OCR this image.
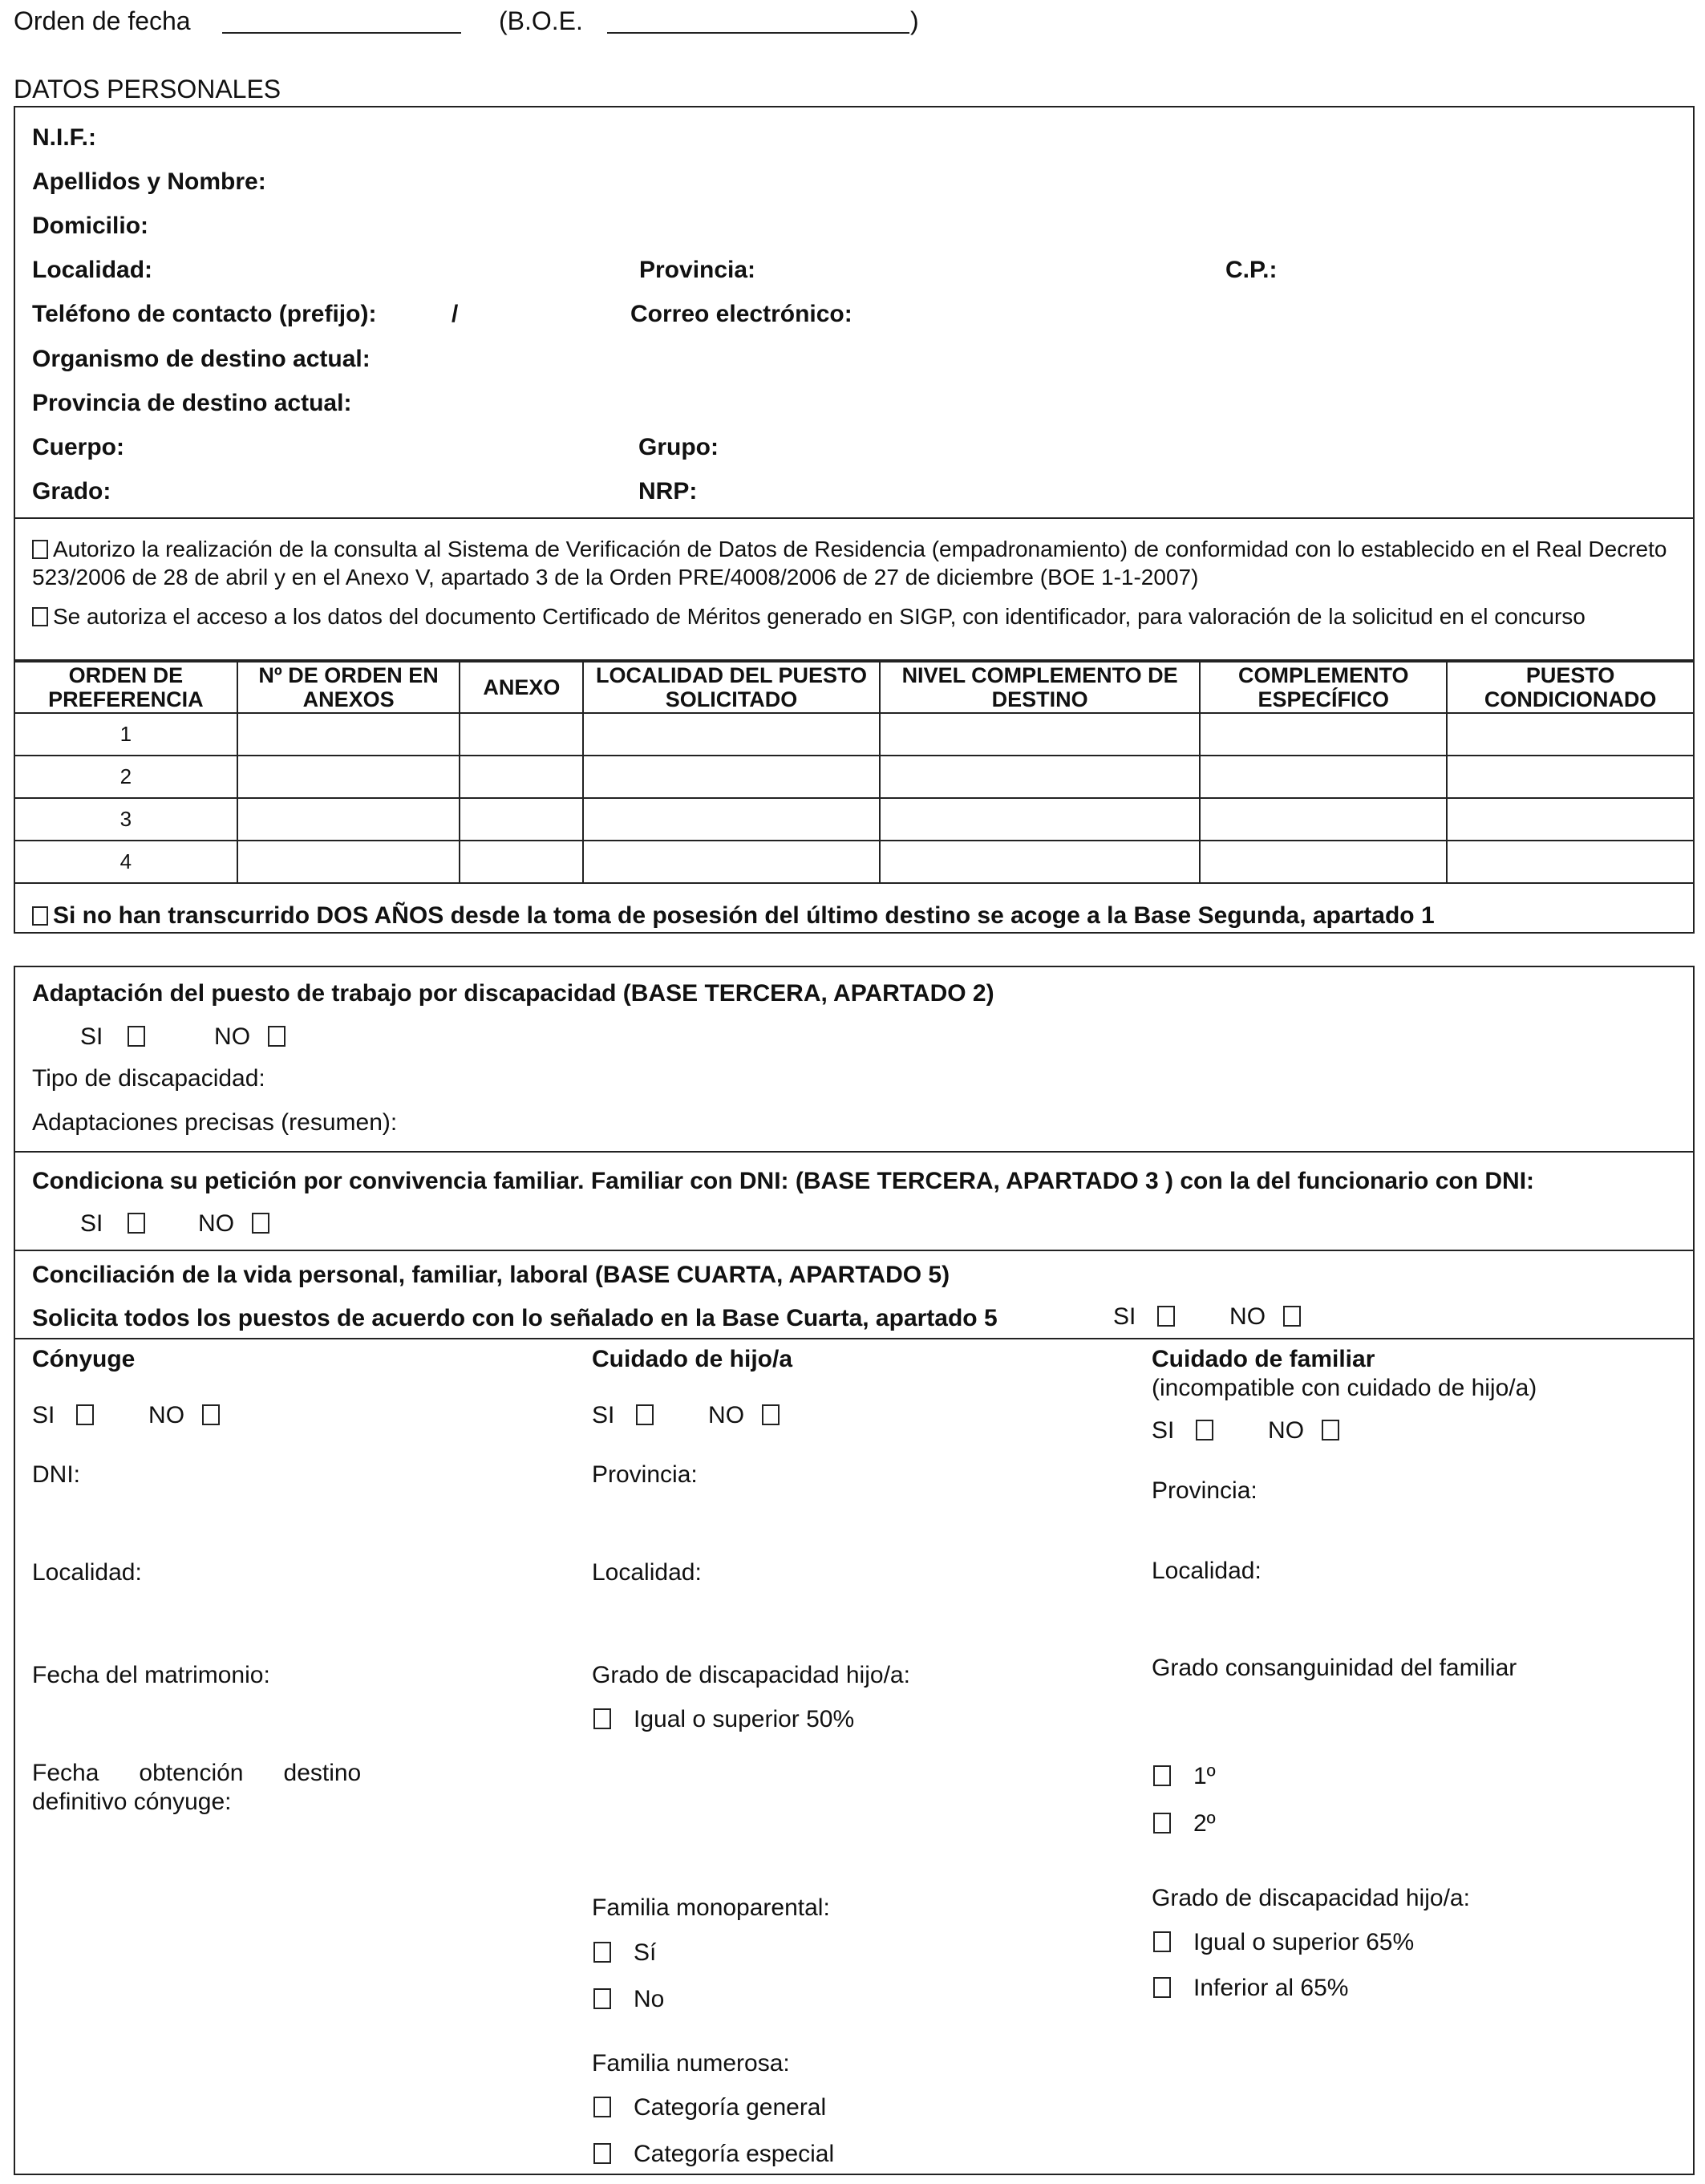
Orden de fecha	(B.O.E.	)
DATOS PERSONALES
N.I.F.:
Apellidos y Nombre:
Domicilio:
Localidad:	Provincia:	C.P.:
Teléfono de contacto (prefijo):	/	Correo electrónico:
Organismo de destino actual:
Provincia de destino actual:
Cuerpo:	Grupo:
Grado:	NRP:
Autorizo la realización de la consulta al Sistema de Verificación de Datos de Residencia (empadronamiento) de conformidad con lo establecido en el Real Decreto 523/2006 de 28 de abril y en el Anexo V, apartado 3 de la Orden PRE/4008/2006 de 27 de diciembre (BOE 1-1-2007)
Se autoriza el acceso a los datos del documento Certificado de Méritos generado en SIGP, con identificador, para valoración de la solicitud en el concurso
ORDEN DE PREFERENCIA	Nº DE ORDEN EN ANEXOS	ANEXO	LOCALIDAD DEL PUESTO SOLICITADO	NIVEL COMPLEMENTO DE DESTINO	COMPLEMENTO ESPECÍFICO	PUESTO CONDICIONADO
1						
2						
3						
4						
Si no han transcurrido DOS AÑOS desde la toma de posesión del último destino se acoge a la Base Segunda, apartado 1
Adaptación del puesto de trabajo por discapacidad (BASE TERCERA, APARTADO 2)
SI	NO
Tipo de discapacidad:
Adaptaciones precisas (resumen):
Condiciona su petición por convivencia familiar. Familiar con DNI: (BASE TERCERA, APARTADO 3 ) con la del funcionario con DNI:
SI	NO
Conciliación de la vida personal, familiar, laboral (BASE CUARTA, APARTADO 5)
Solicita todos los puestos de acuerdo con lo señalado en la Base Cuarta, apartado 5	SI	NO
Cónyuge
SI	NO
DNI:
Localidad:
Fecha del matrimonio:
Fecha      obtención      destino
definitivo cónyuge:
Cuidado de hijo/a
SI	NO
Provincia:
Localidad:
Grado de discapacidad hijo/a:
Igual o superior 50%
Familia monoparental:
Sí
No
Familia numerosa:
Categoría general
Categoría especial
Cuidado de familiar
(incompatible con cuidado de hijo/a)
SI	NO
Provincia:
Localidad:
Grado consanguinidad del familiar
1º
2º
Grado de discapacidad hijo/a:
Igual o superior 65%
Inferior al 65%
